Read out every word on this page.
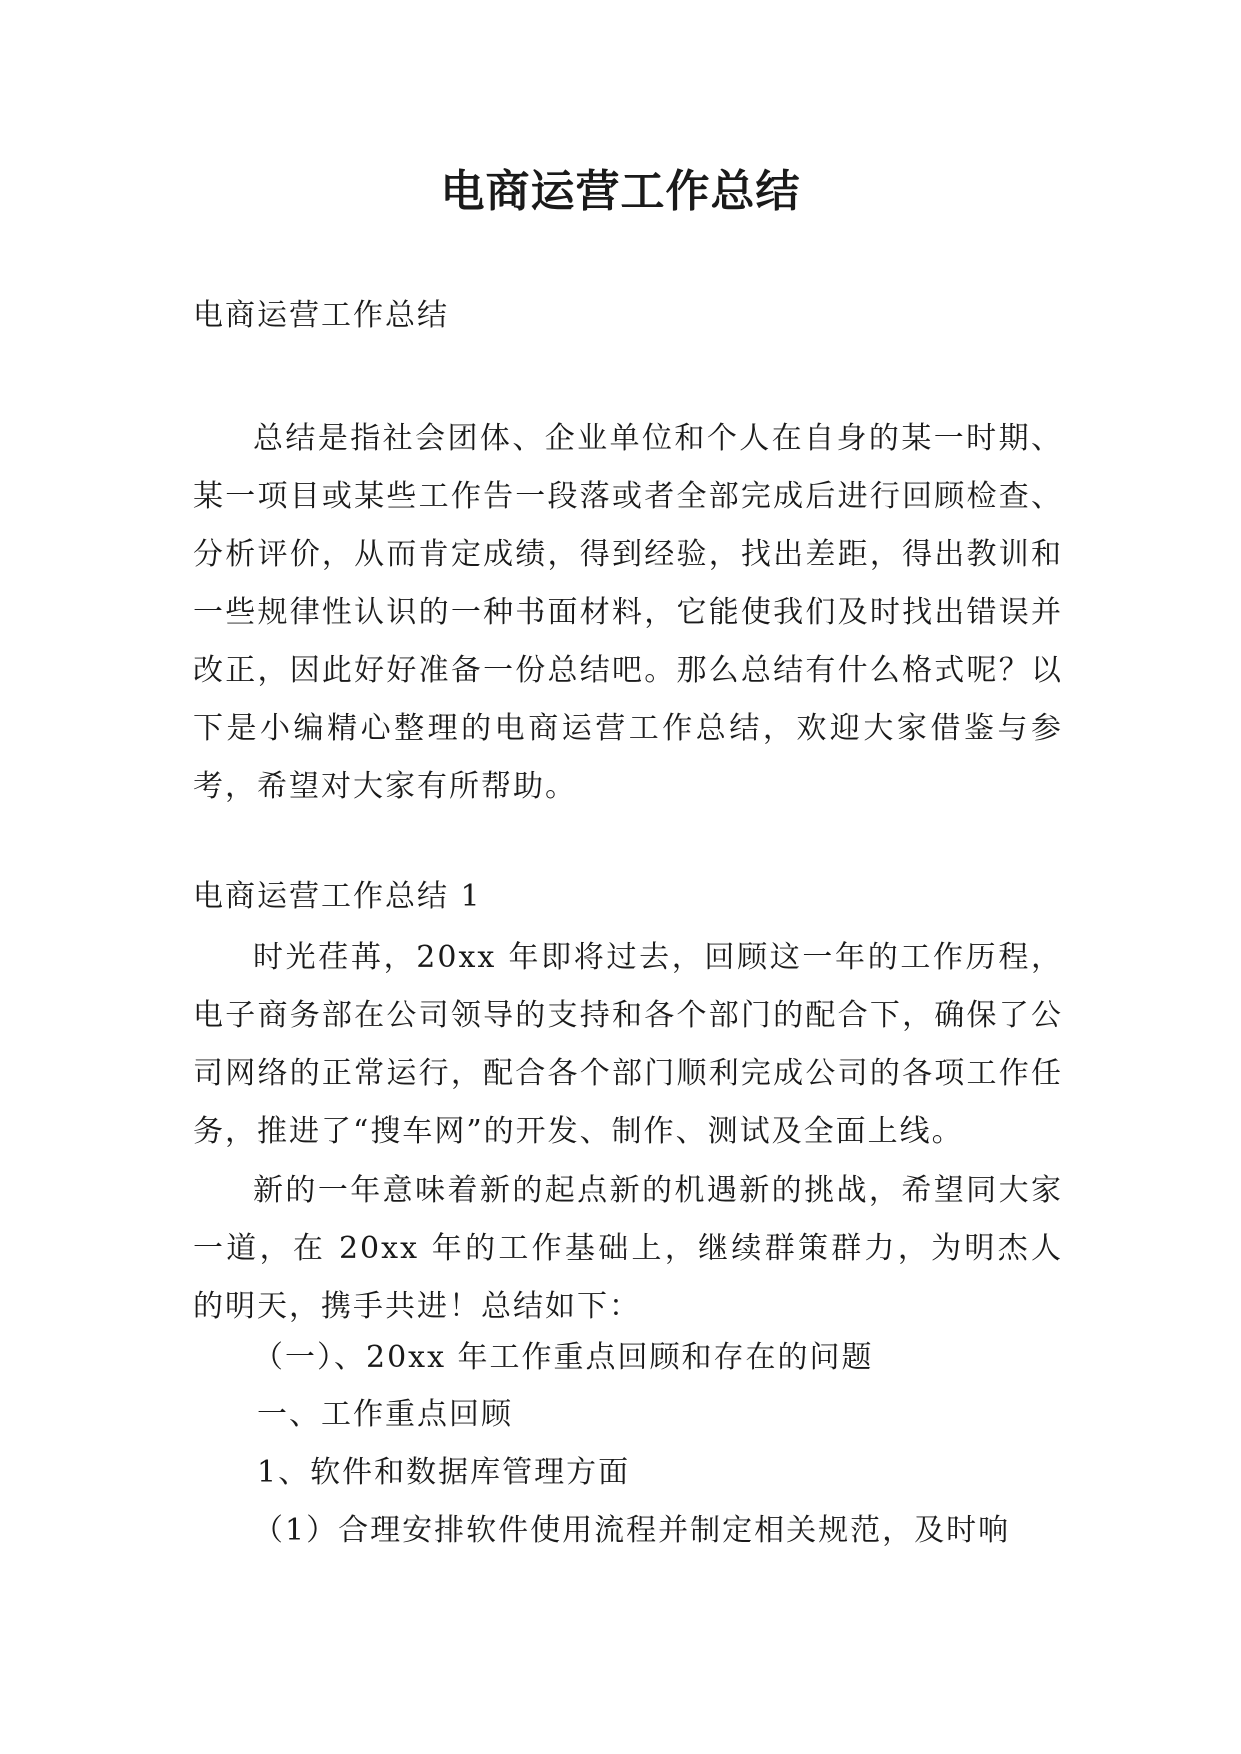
电商运营工作总结

电商运营工作总结

总结是指社会团体、企业单位和个人在自身的某一时期、某一项目或某些工作告一段落或者全部完成后进行回顾检查、分析评价，从而肯定成绩，得到经验，找出差距，得出教训和一些规律性认识的一种书面材料，它能使我们及时找出错误并改正，因此好好准备一份总结吧。那么总结有什么格式呢？以下是小编精心整理的电商运营工作总结，欢迎大家借鉴与参考，希望对大家有所帮助。

电商运营工作总结 1

时光荏苒，20xx 年即将过去，回顾这一年的工作历程，电子商务部在公司领导的支持和各个部门的配合下，确保了公司网络的正常运行，配合各个部门顺利完成公司的各项工作任务，推进了“搜车网”的开发、制作、测试及全面上线。

新的一年意味着新的起点新的机遇新的挑战，希望同大家一道，在 20xx 年的工作基础上，继续群策群力，为明杰人的明天，携手共进！总结如下：

（一）、20xx 年工作重点回顾和存在的问题

一、工作重点回顾

1、软件和数据库管理方面

（1）合理安排软件使用流程并制定相关规范，及时响
